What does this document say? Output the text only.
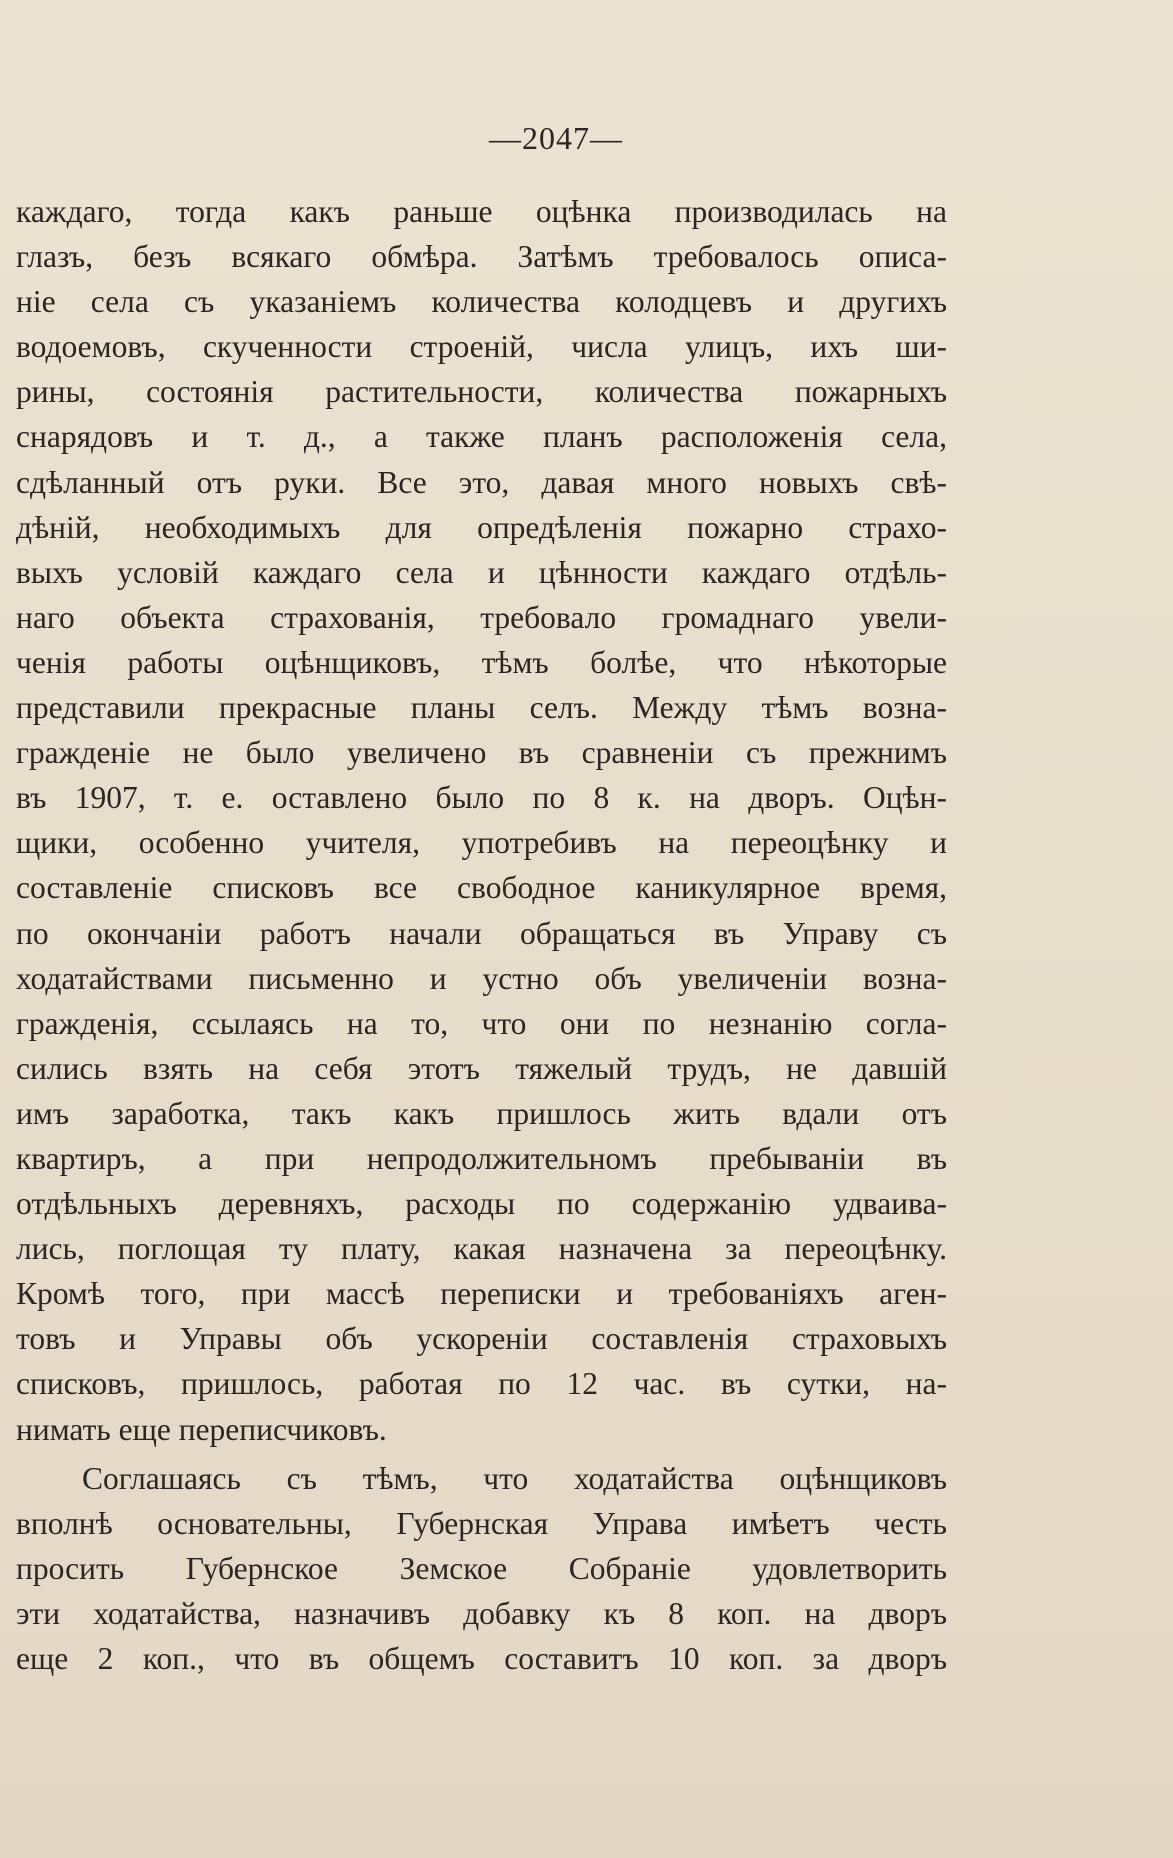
—2047—
каждаго, тогда какъ раньше оцѣнка производилась на
глазъ, безъ всякаго обмѣра. Затѣмъ требовалось описа-
ніе села съ указаніемъ количества колодцевъ и другихъ
водоемовъ, скученности строеній, числа улицъ, ихъ ши-
рины, состоянія растительности, количества пожарныхъ
снарядовъ и т. д., а также планъ расположенія села,
сдѣланный отъ руки. Все это, давая много новыхъ свѣ-
дѣній, необходимыхъ для опредѣленія пожарно страхо-
выхъ условій каждаго села и цѣнности каждаго отдѣль-
наго объекта страхованія, требовало громаднаго увели-
ченія работы оцѣнщиковъ, тѣмъ болѣе, что нѣкоторые
представили прекрасные планы селъ. Между тѣмъ возна-
гражденіе не было увеличено въ сравненіи съ прежнимъ
въ 1907, т. е. оставлено было по 8 к. на дворъ. Оцѣн-
щики, особенно учителя, употребивъ на переоцѣнку и
составленіе списковъ все свободное каникулярное время,
по окончаніи работъ начали обращаться въ Управу съ
ходатайствами письменно и устно объ увеличеніи возна-
гражденія, ссылаясь на то, что они по незнанію согла-
сились взять на себя этотъ тяжелый трудъ, не давшій
имъ заработка, такъ какъ пришлось жить вдали отъ
квартиръ, а при непродолжительномъ пребываніи въ
отдѣльныхъ деревняхъ, расходы по содержанію удваива-
лись, поглощая ту плату, какая назначена за переоцѣнку.
Кромѣ того, при массѣ переписки и требованіяхъ аген-
товъ и Управы объ ускореніи составленія страховыхъ
списковъ, пришлось, работая по 12 час. въ сутки, на-
нимать еще переписчиковъ.
Соглашаясь съ тѣмъ, что ходатайства оцѣнщиковъ
вполнѣ основательны, Губернская Управа имѣетъ честь
просить Губернское Земское Собраніе удовлетворить
эти ходатайства, назначивъ добавку къ 8 коп. на дворъ
еще 2 коп., что въ общемъ составитъ 10 коп. за дворъ
